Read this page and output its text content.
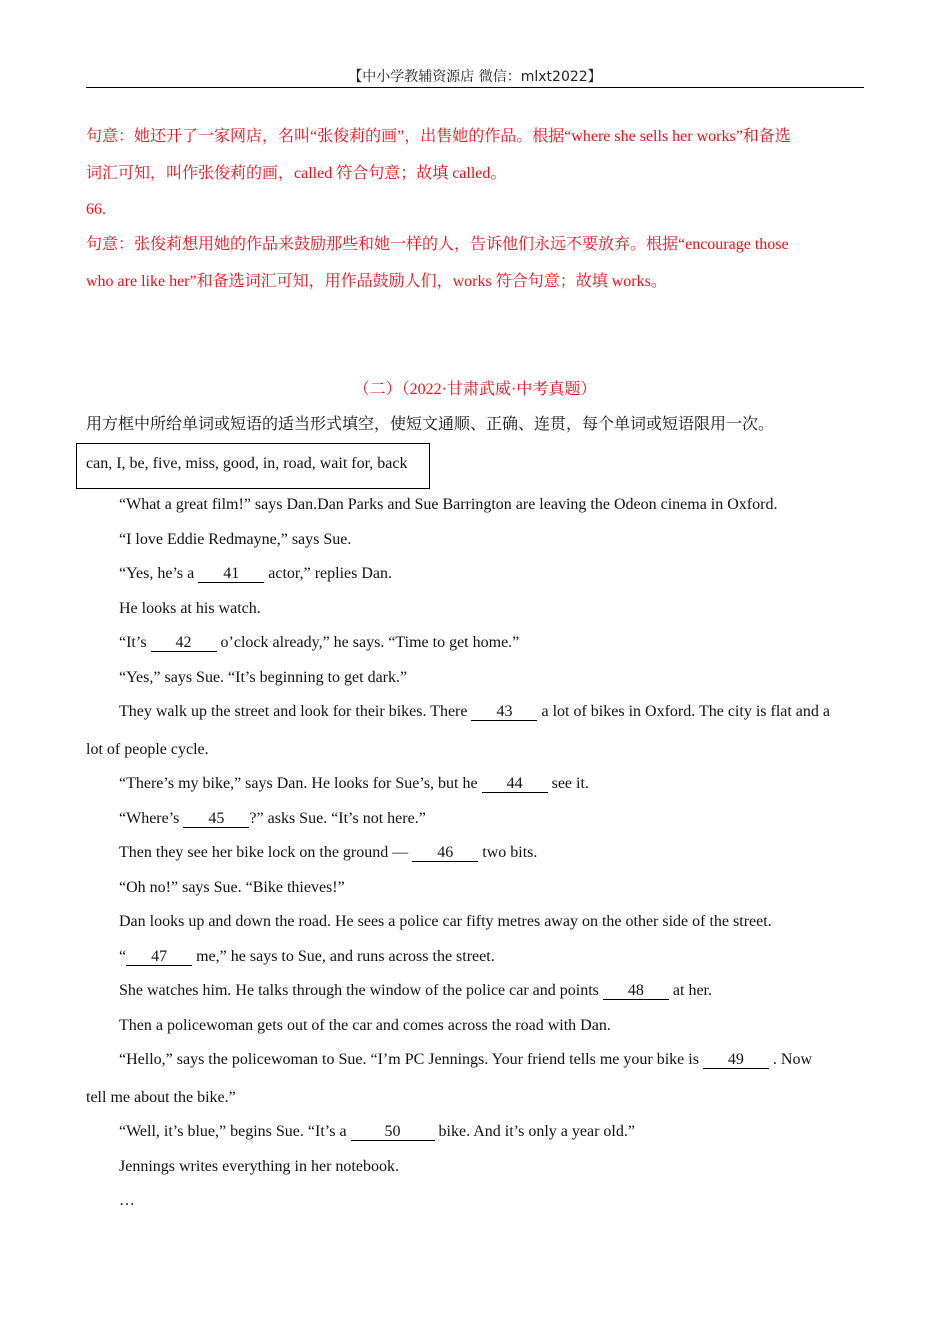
【中小学教辅资源店 微信：mlxt2022】
句意：她还开了一家网店，名叫“张俊莉的画”，出售她的作品。根据“where she sells her works”和备选
词汇可知，叫作张俊莉的画，called 符合句意；故填 called。
66.
句意：张俊莉想用她的作品来鼓励那些和她一样的人，告诉他们永远不要放弃。根据“encourage those
who are like her”和备选词汇可知，用作品鼓励人们，works 符合句意；故填 works。
（二）（2022·甘肃武威·中考真题）
用方框中所给单词或短语的适当形式填空，使短文通顺、正确、连贯，每个单词或短语限用一次。
can, I, be, five, miss, good, in, road, wait for, back
“What a great film!” says Dan.Dan Parks and Sue Barrington are leaving the Odeon cinema in Oxford.
“I love Eddie Redmayne,” says Sue.
“Yes, he’s a 41 actor,” replies Dan.
He looks at his watch.
“It’s 42 o’clock already,” he says. “Time to get home.”
“Yes,” says Sue. “It’s beginning to get dark.”
They walk up the street and look for their bikes. There 43 a lot of bikes in Oxford. The city is flat and a
lot of people cycle.
“There’s my bike,” says Dan. He looks for Sue’s, but he 44 see it.
“Where’s 45 ?” asks Sue. “It’s not here.”
Then they see her bike lock on the ground — 46 two bits.
“Oh no!” says Sue. “Bike thieves!”
Dan looks up and down the road. He sees a police car fifty metres away on the other side of the street.
“ 47 me,” he says to Sue, and runs across the street.
She watches him. He talks through the window of the police car and points 48 at her.
Then a policewoman gets out of the car and comes across the road with Dan.
“Hello,” says the policewoman to Sue. “I’m PC Jennings. Your friend tells me your bike is 49 . Now
tell me about the bike.”
“Well, it’s blue,” begins Sue. “It’s a 50 bike. And it’s only a year old.”
Jennings writes everything in her notebook.
…
